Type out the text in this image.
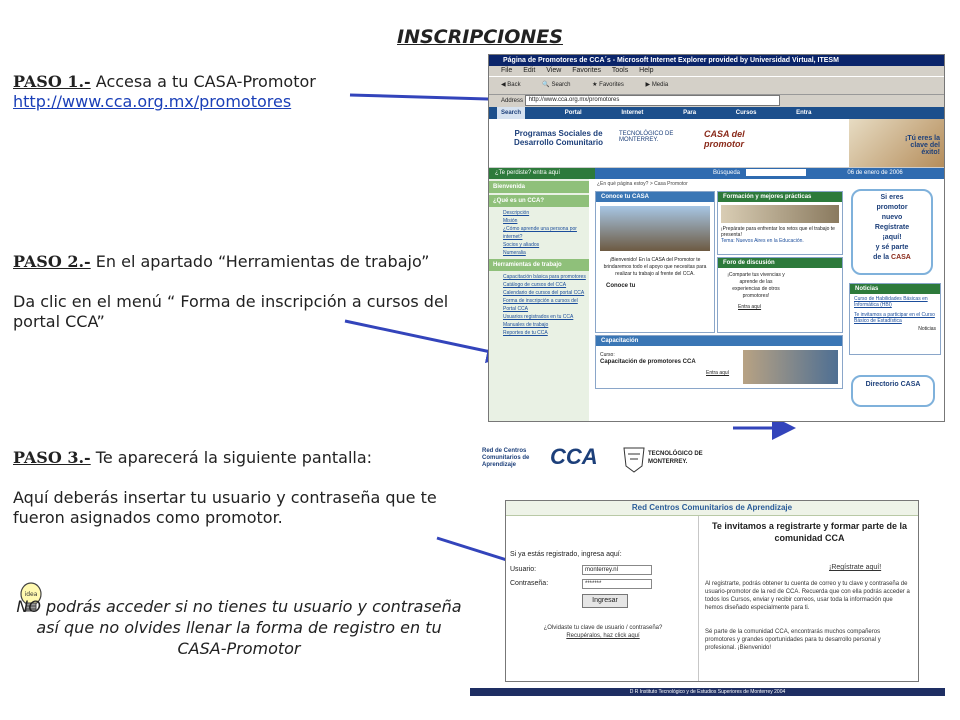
INSCRIPCIONES
PASO 1.- Accesa a tu CASA-Promotor
http://www.cca.org.mx/promotores
PASO 2.- En el apartado “Herramientas de trabajo”
Da clic en el menú “ Forma de inscripción a cursos del portal CCA”
PASO 3.- Te aparecerá la siguiente pantalla:
Aquí deberás insertar tu usuario y contraseña que te fueron asignados como promotor.
idea
NO podrás acceder si no tienes tu usuario y contraseña así que no olvides llenar la forma de registro en tu CASA-Promotor
Página de Promotores de CCA´s - Microsoft Internet Explorer provided by Universidad Virtual, ITESM
File Edit View Favorites Tools Help
◀ Back	🔍 Search	★ Favorites	▶ Media
Address http://www.cca.org.mx/promotores
Search	Portal	Internet	Para	Cursos	Entra
Programas Sociales de Desarrollo Comunitario
TECNOLÓGICO DE MONTERREY.
CASA del promotor
¡Tú eres la clave del éxito!
¿Te perdiste? entra aquí	Búsqueda	06 de enero de 2006
Bienvenida
¿Qué es un CCA?
Descripción
Misión
¿Cómo aprende una persona por internet?
Socios y aliados
Numeralia
Herramientas de trabajo
Capacitación básica para promotores
Catálogo de cursos del CCA
Calendario de cursos del portal CCA
Forma de inscripción a cursos del Portal CCA
Usuarios registrados en tu CCA
Manuales de trabajo
Reportes de tu CCA
¿En qué página estoy? > Casa Promotor
Conoce tu CASA
¡Bienvenido! En la CASA del Promotor te brindaremos todo el apoyo que necesitas para realizar tu trabajo al frente del CCA.
Conoce tu
Formación y mejores prácticas
¡Prepárate para enfrentar los retos que el trabajo te presenta!
Tema: Nuevos Aires en la Educación.
Foro de discusión
¡Comparte tus vivencias y aprende de las experiencias de otros promotores!
Entra aquí
Capacitación
Curso:
Capacitación de promotores CCA
Entra aquí
Si eres
promotor
nuevo
Regístrate
¡aquí!
y sé parte
de la CASA
Noticias
Curso de Habilidades Básicas en Informática (HBI)
Te invitamos a participar en el Curso Básico de Estadística
Noticias
Directorio CASA
Red de Centros Comunitarios de Aprendizaje	CCA	TECNOLÓGICO DE MONTERREY.
Red Centros Comunitarios de Aprendizaje
Si ya estás registrado, ingresa aquí:
Usuario:	monterrey.nl
Contraseña:	*******
Ingresar
¿Olvidaste tu clave de usuario / contraseña?
Recupéralos, haz click aquí
Te invitamos a registrarte y formar parte de la comunidad CCA
¡Regístrate aquí!
Al registrarte, podrás obtener tu cuenta de correo y tu clave y contraseña de usuario-promotor de la red de CCA. Recuerda que con ella podrás acceder a todos los Cursos, enviar y recibir correos, usar toda la información que hemos diseñado especialmente para ti.
Sé parte de la comunidad CCA, encontrarás muchos compañeros promotores y grandes oportunidades para tu desarrollo personal y profesional. ¡Bienvenido!
D R Instituto Tecnológico y de Estudios Superiores de Monterrey 2004
